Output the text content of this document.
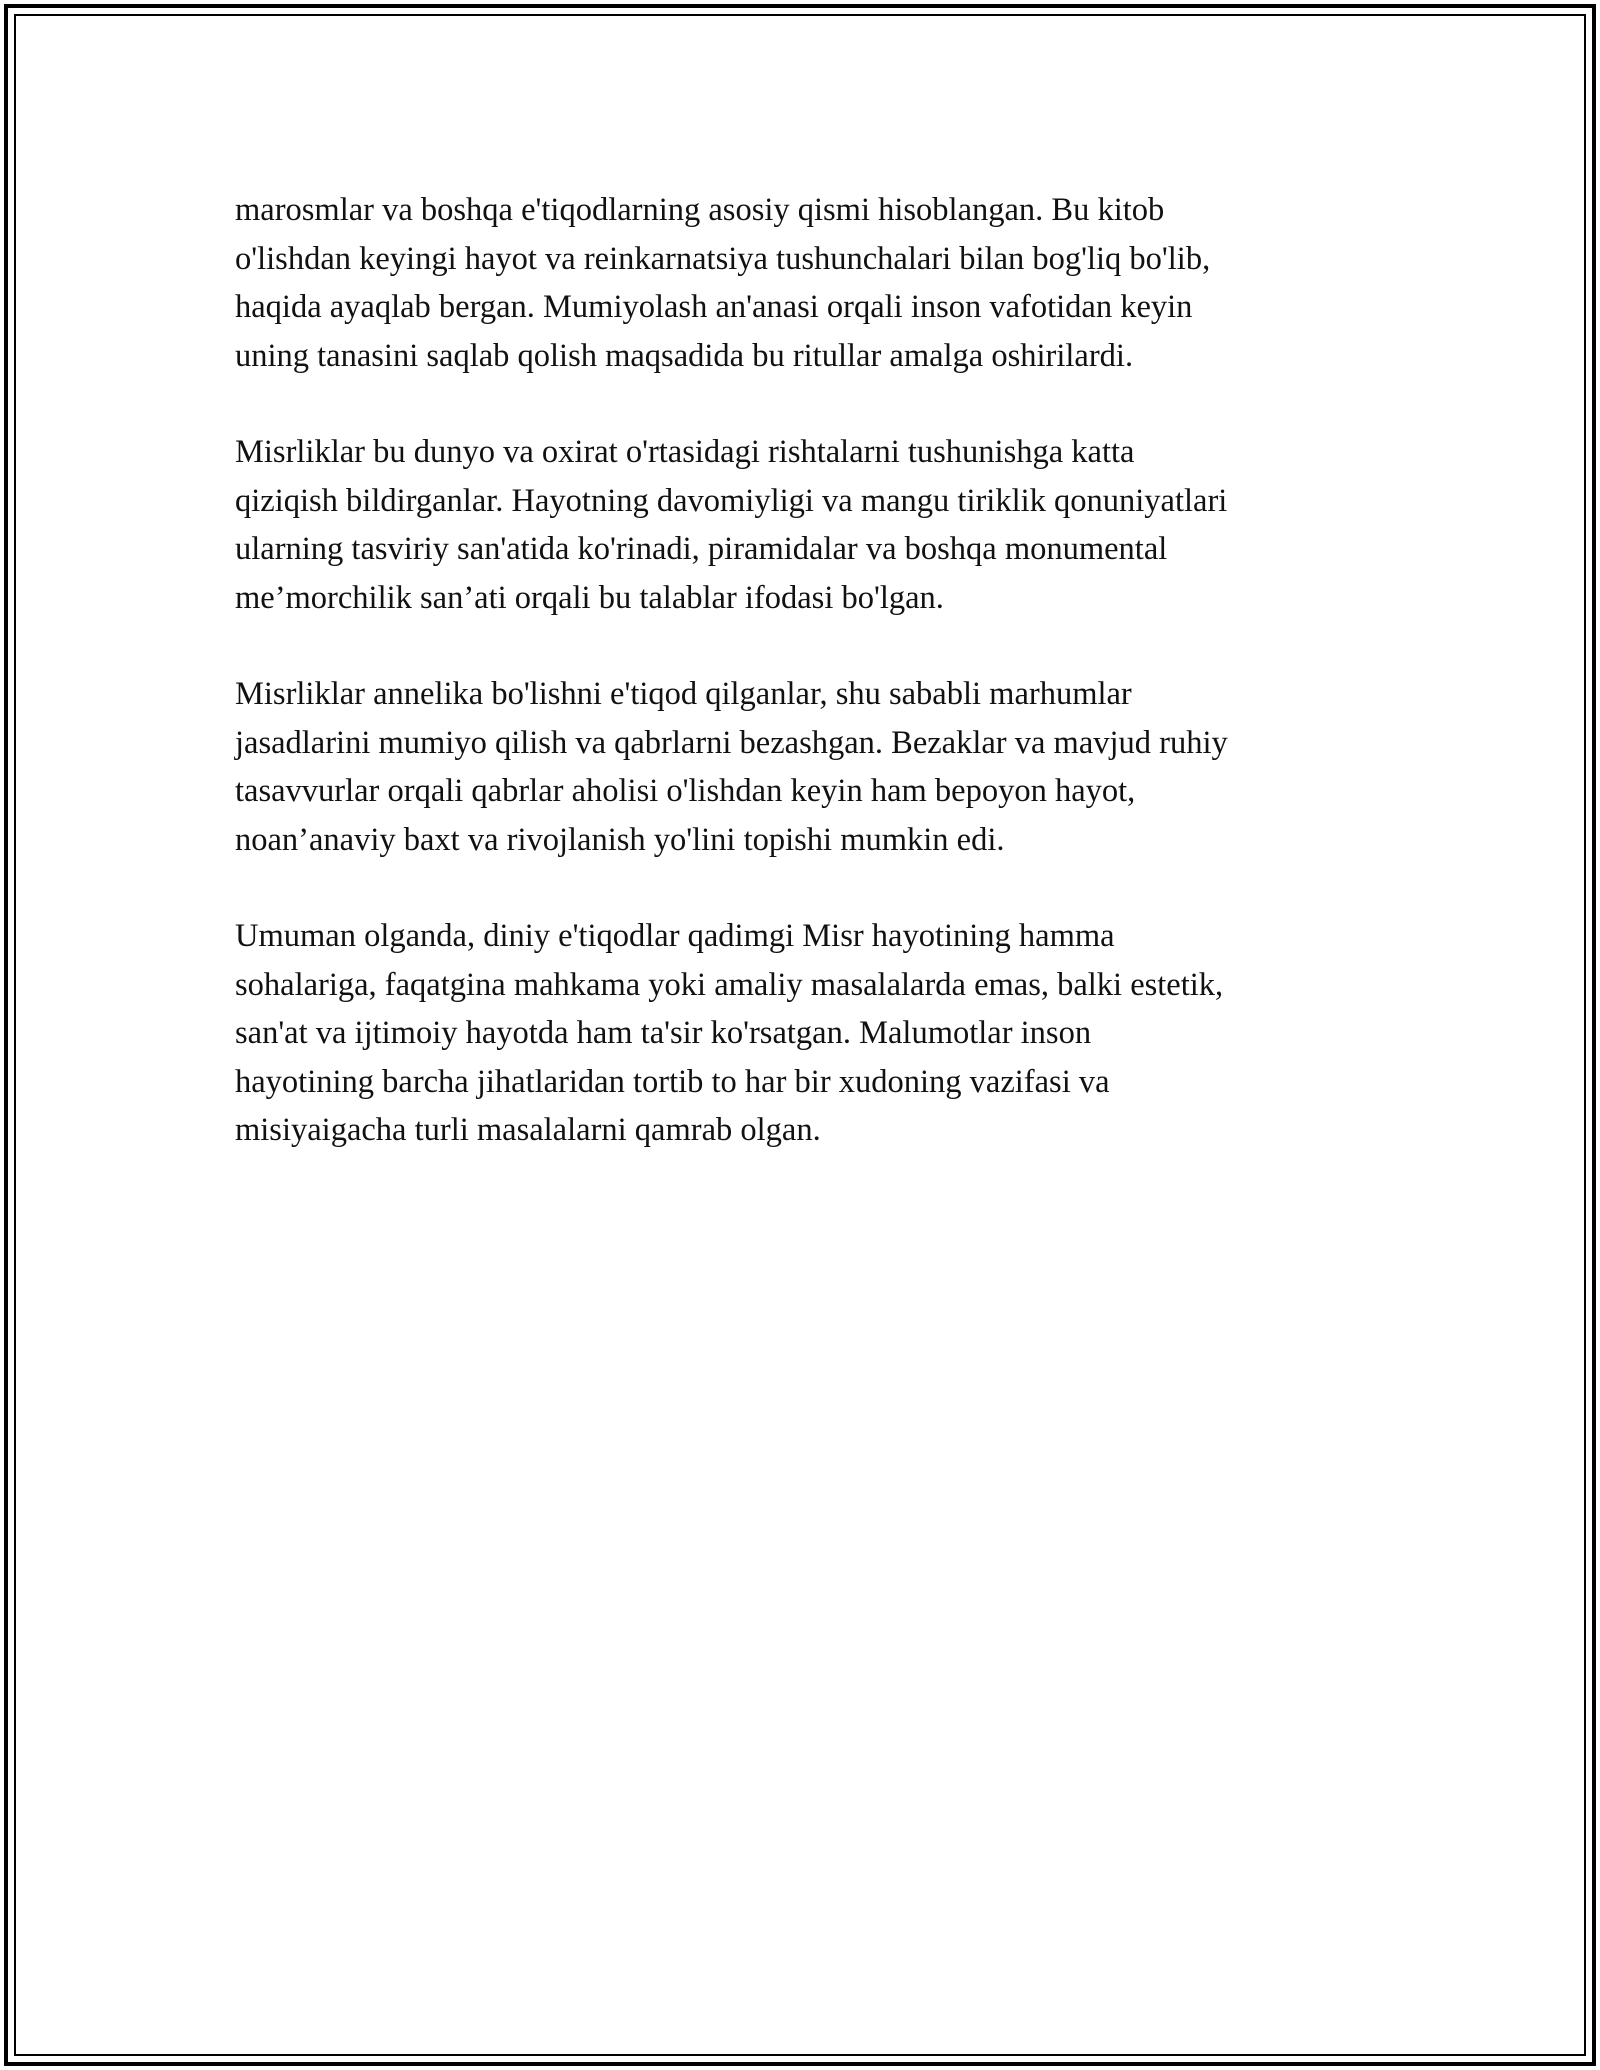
marosmlar va boshqa e'tiqodlarning asosiy qismi hisoblangan. Bu kitob
o'lishdan keyingi hayot va reinkarnatsiya tushunchalari bilan bog'liq bo'lib,
haqida ayaqlab bergan. Mumiyolash an'anasi orqali inson vafotidan keyin
uning tanasini saqlab qolish maqsadida bu ritullar amalga oshirilardi.

Misrliklar bu dunyo va oxirat o'rtasidagi rishtalarni tushunishga katta
qiziqish bildirganlar. Hayotning davomiyligi va mangu tiriklik qonuniyatlari
ularning tasviriy san'atida ko'rinadi, piramidalar va boshqa monumental
me’morchilik san’ati orqali bu talablar ifodasi bo'lgan.

Misrliklar annelika bo'lishni e'tiqod qilganlar, shu sababli marhumlar
jasadlarini mumiyo qilish va qabrlarni bezashgan. Bezaklar va mavjud ruhiy
tasavvurlar orqali qabrlar aholisi o'lishdan keyin ham bepoyon hayot,
noan’anaviy baxt va rivojlanish yo'lini topishi mumkin edi.

Umuman olganda, diniy e'tiqodlar qadimgi Misr hayotining hamma
sohalariga, faqatgina mahkama yoki amaliy masalalarda emas, balki estetik,
san'at va ijtimoiy hayotda ham ta'sir ko'rsatgan. Malumotlar inson
hayotining barcha jihatlaridan tortib to har bir xudoning vazifasi va
misiyaigacha turli masalalarni qamrab olgan.
